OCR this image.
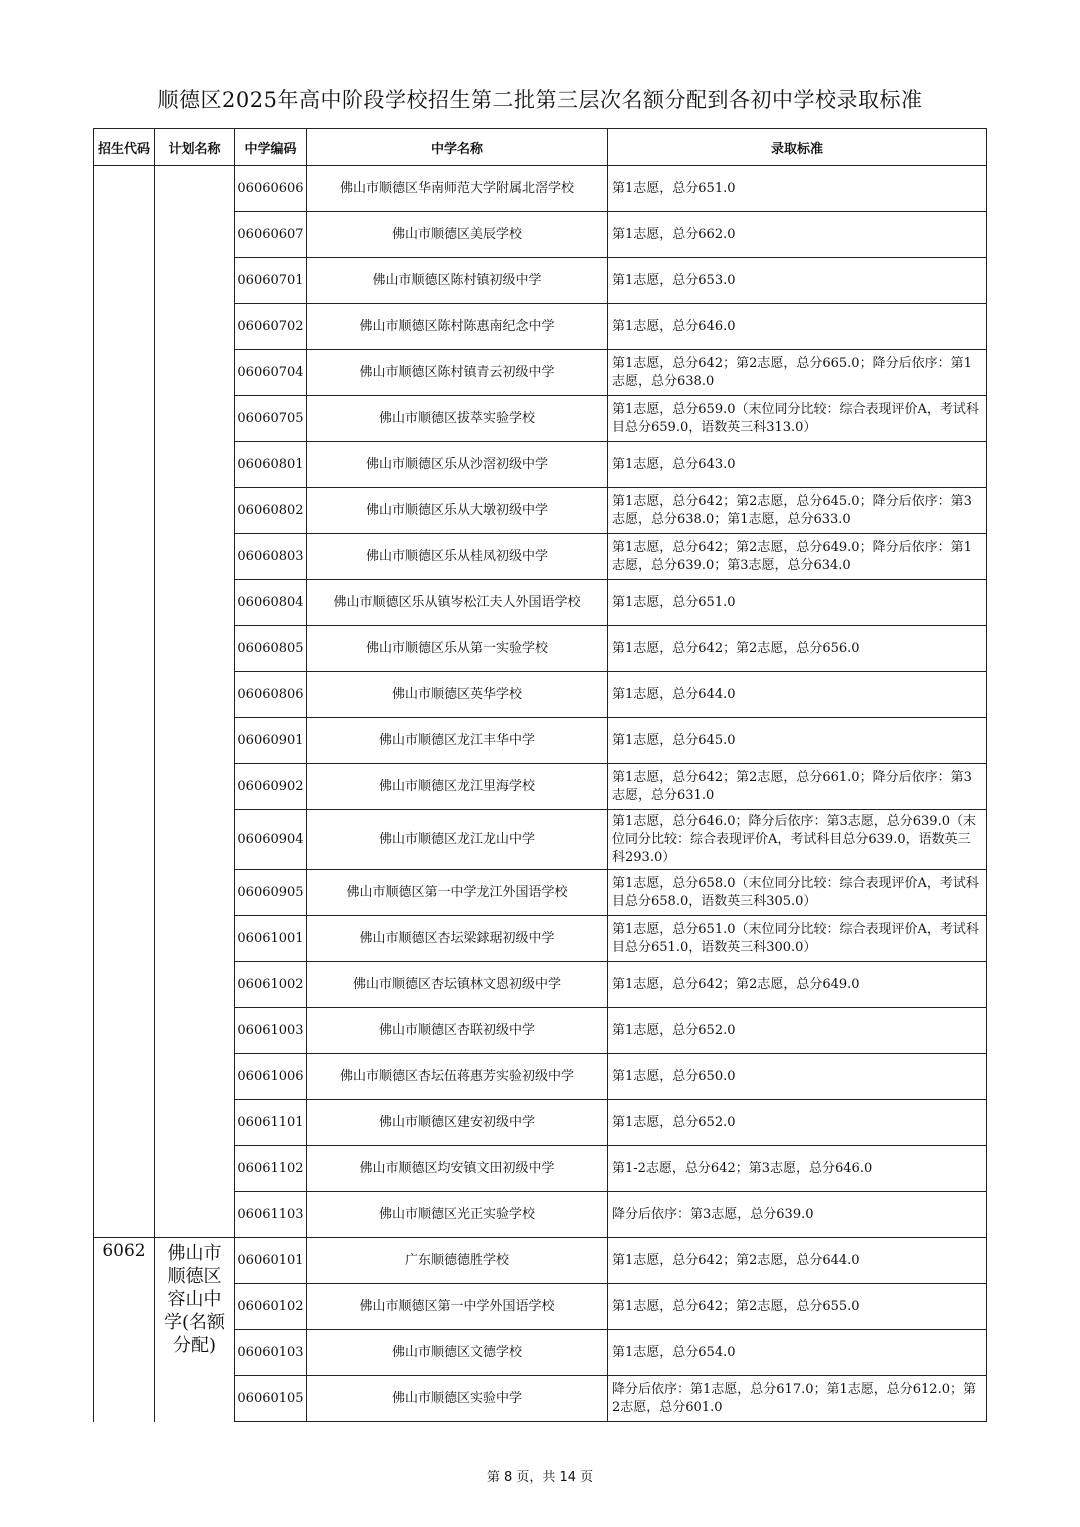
顺德区2025年高中阶段学校招生第二批第三层次名额分配到各初中学校录取标准
招生代码	计划名称	中学编码	中学名称	录取标准
		06060606	佛山市顺德区华南师范大学附属北滘学校	第1志愿，总分651.0
		06060607	佛山市顺德区美辰学校	第1志愿，总分662.0
		06060701	佛山市顺德区陈村镇初级中学	第1志愿，总分653.0
		06060702	佛山市顺德区陈村陈惠南纪念中学	第1志愿，总分646.0
		06060704	佛山市顺德区陈村镇青云初级中学	第1志愿，总分642；第2志愿，总分665.0；降分后依序：第1志愿，总分638.0
		06060705	佛山市顺德区拔萃实验学校	第1志愿，总分659.0（末位同分比较：综合表现评价A，考试科目总分659.0，语数英三科313.0）
		06060801	佛山市顺德区乐从沙滘初级中学	第1志愿，总分643.0
		06060802	佛山市顺德区乐从大墩初级中学	第1志愿，总分642；第2志愿，总分645.0；降分后依序：第3志愿，总分638.0；第1志愿，总分633.0
		06060803	佛山市顺德区乐从桂凤初级中学	第1志愿，总分642；第2志愿，总分649.0；降分后依序：第1志愿，总分639.0；第3志愿，总分634.0
		06060804	佛山市顺德区乐从镇岑松江夫人外国语学校	第1志愿，总分651.0
		06060805	佛山市顺德区乐从第一实验学校	第1志愿，总分642；第2志愿，总分656.0
		06060806	佛山市顺德区英华学校	第1志愿，总分644.0
		06060901	佛山市顺德区龙江丰华中学	第1志愿，总分645.0
		06060902	佛山市顺德区龙江里海学校	第1志愿，总分642；第2志愿，总分661.0；降分后依序：第3志愿，总分631.0
		06060904	佛山市顺德区龙江龙山中学	第1志愿，总分646.0；降分后依序：第3志愿，总分639.0（末位同分比较：综合表现评价A，考试科目总分639.0，语数英三科293.0）
		06060905	佛山市顺德区第一中学龙江外国语学校	第1志愿，总分658.0（末位同分比较：综合表现评价A，考试科目总分658.0，语数英三科305.0）
		06061001	佛山市顺德区杏坛梁銶琚初级中学	第1志愿，总分651.0（末位同分比较：综合表现评价A，考试科目总分651.0，语数英三科300.0）
		06061002	佛山市顺德区杏坛镇林文恩初级中学	第1志愿，总分642；第2志愿，总分649.0
		06061003	佛山市顺德区杏联初级中学	第1志愿，总分652.0
		06061006	佛山市顺德区杏坛伍蒋惠芳实验初级中学	第1志愿，总分650.0
		06061101	佛山市顺德区建安初级中学	第1志愿，总分652.0
		06061102	佛山市顺德区均安镇文田初级中学	第1-2志愿，总分642；第3志愿，总分646.0
		06061103	佛山市顺德区光正实验学校	降分后依序：第3志愿，总分639.0
6062	佛山市顺德区容山中学(名额分配)	06060101	广东顺德德胜学校	第1志愿，总分642；第2志愿，总分644.0
		06060102	佛山市顺德区第一中学外国语学校	第1志愿，总分642；第2志愿，总分655.0
		06060103	佛山市顺德区文德学校	第1志愿，总分654.0
		06060105	佛山市顺德区实验中学	降分后依序：第1志愿，总分617.0；第1志愿，总分612.0；第2志愿，总分601.0
第 8 页，共 14 页
